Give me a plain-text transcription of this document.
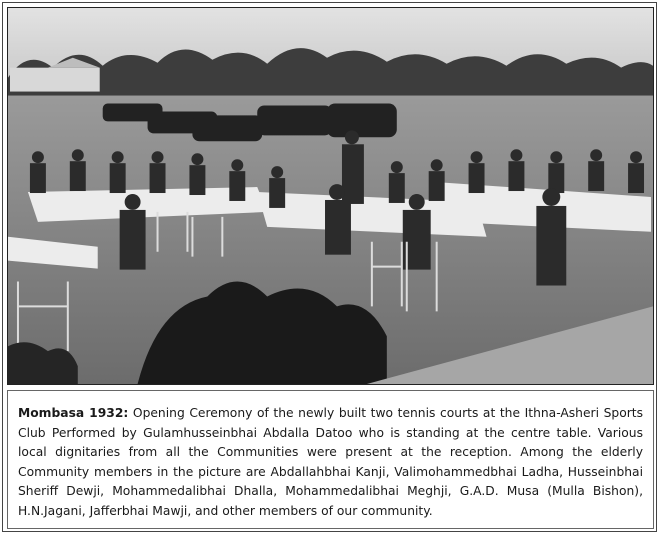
Mombasa 1932: Opening Ceremony of the newly built two tennis courts at the Ithna-Asheri Sports Club Performed by Gulamhusseinbhai Abdalla Datoo who is standing at the centre table. Various local dignitaries from all the Communities were present at the reception. Among the elderly Community members in the picture are Abdallahbhai Kanji, Valimohammedbhai Ladha, Husseinbhai Sheriff Dewji, Mohammedalibhai Dhalla, Mohammedalibhai Meghji, G.A.D. Musa (Mulla Bishon), H.N.Jagani, Jafferbhai Mawji, and other members of our community.
